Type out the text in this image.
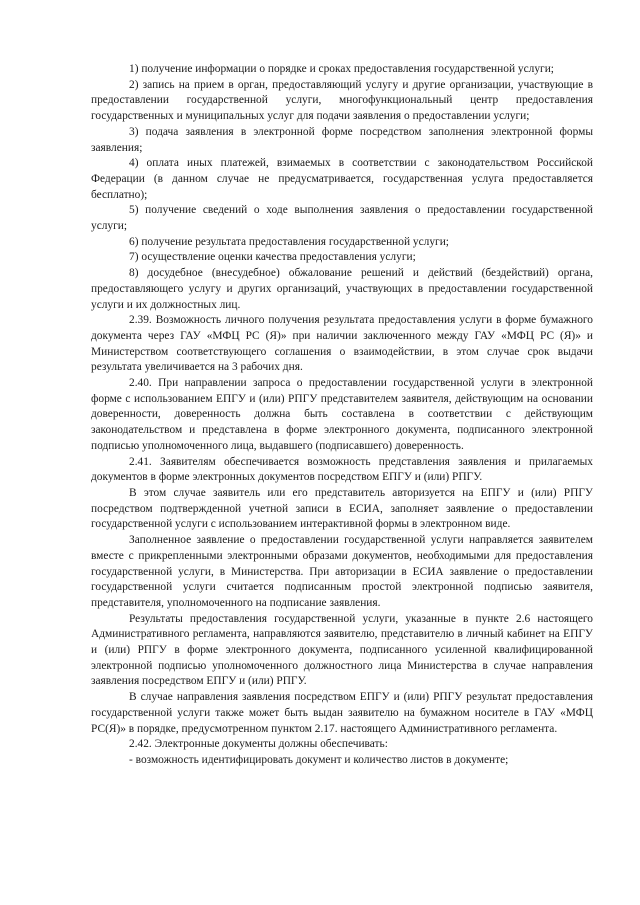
1) получение информации о порядке и сроках предоставления государственной услуги;

2) запись на прием в орган, предоставляющий услугу и другие организации, участвующие в предоставлении государственной услуги, многофункциональный центр предоставления государственных и муниципальных услуг для подачи заявления о предоставлении услуги;

3) подача заявления в электронной форме посредством заполнения электронной формы заявления;

4) оплата иных платежей, взимаемых в соответствии с законодательством Российской Федерации (в данном случае не предусматривается, государственная услуга предоставляется бесплатно);

5) получение сведений о ходе выполнения заявления о предоставлении государственной услуги;

6) получение результата предоставления государственной услуги;

7) осуществление оценки качества предоставления услуги;

8) досудебное (внесудебное) обжалование решений и действий (бездействий) органа, предоставляющего услугу и других организаций, участвующих в предоставлении государственной услуги и их должностных лиц.

2.39. Возможность личного получения результата предоставления услуги в форме бумажного документа через ГАУ «МФЦ РС (Я)» при наличии заключенного между ГАУ «МФЦ РС (Я)» и Министерством соответствующего соглашения о взаимодействии, в этом случае срок выдачи результата увеличивается на 3 рабочих дня.

2.40. При направлении запроса о предоставлении государственной услуги в электронной форме с использованием ЕПГУ и (или) РПГУ представителем заявителя, действующим на основании доверенности, доверенность должна быть составлена в соответствии с действующим законодательством и представлена в форме электронного документа, подписанного электронной подписью уполномоченного лица, выдавшего (подписавшего) доверенность.

2.41. Заявителям обеспечивается возможность представления заявления и прилагаемых документов в форме электронных документов посредством ЕПГУ и (или) РПГУ.

В этом случае заявитель или его представитель авторизуется на ЕПГУ и (или) РПГУ посредством подтвержденной учетной записи в ЕСИА, заполняет заявление о предоставлении государственной услуги с использованием интерактивной формы в электронном виде.

Заполненное заявление о предоставлении государственной услуги направляется заявителем вместе с прикрепленными электронными образами документов, необходимыми для предоставления государственной услуги, в Министерства. При авторизации в ЕСИА заявление о предоставлении государственной услуги считается подписанным простой электронной подписью заявителя, представителя, уполномоченного на подписание заявления.

Результаты предоставления государственной услуги, указанные в пункте 2.6 настоящего Административного регламента, направляются заявителю, представителю в личный кабинет на ЕПГУ и (или) РПГУ в форме электронного документа, подписанного усиленной квалифицированной электронной подписью уполномоченного должностного лица Министерства в случае направления заявления посредством ЕПГУ и (или) РПГУ.

В случае направления заявления посредством ЕПГУ и (или) РПГУ результат предоставления государственной услуги также может быть выдан заявителю на бумажном носителе в ГАУ «МФЦ РС(Я)» в порядке, предусмотренном пунктом 2.17. настоящего Административного регламента.

2.42. Электронные документы должны обеспечивать:

- возможность идентифицировать документ и количество листов в документе;
